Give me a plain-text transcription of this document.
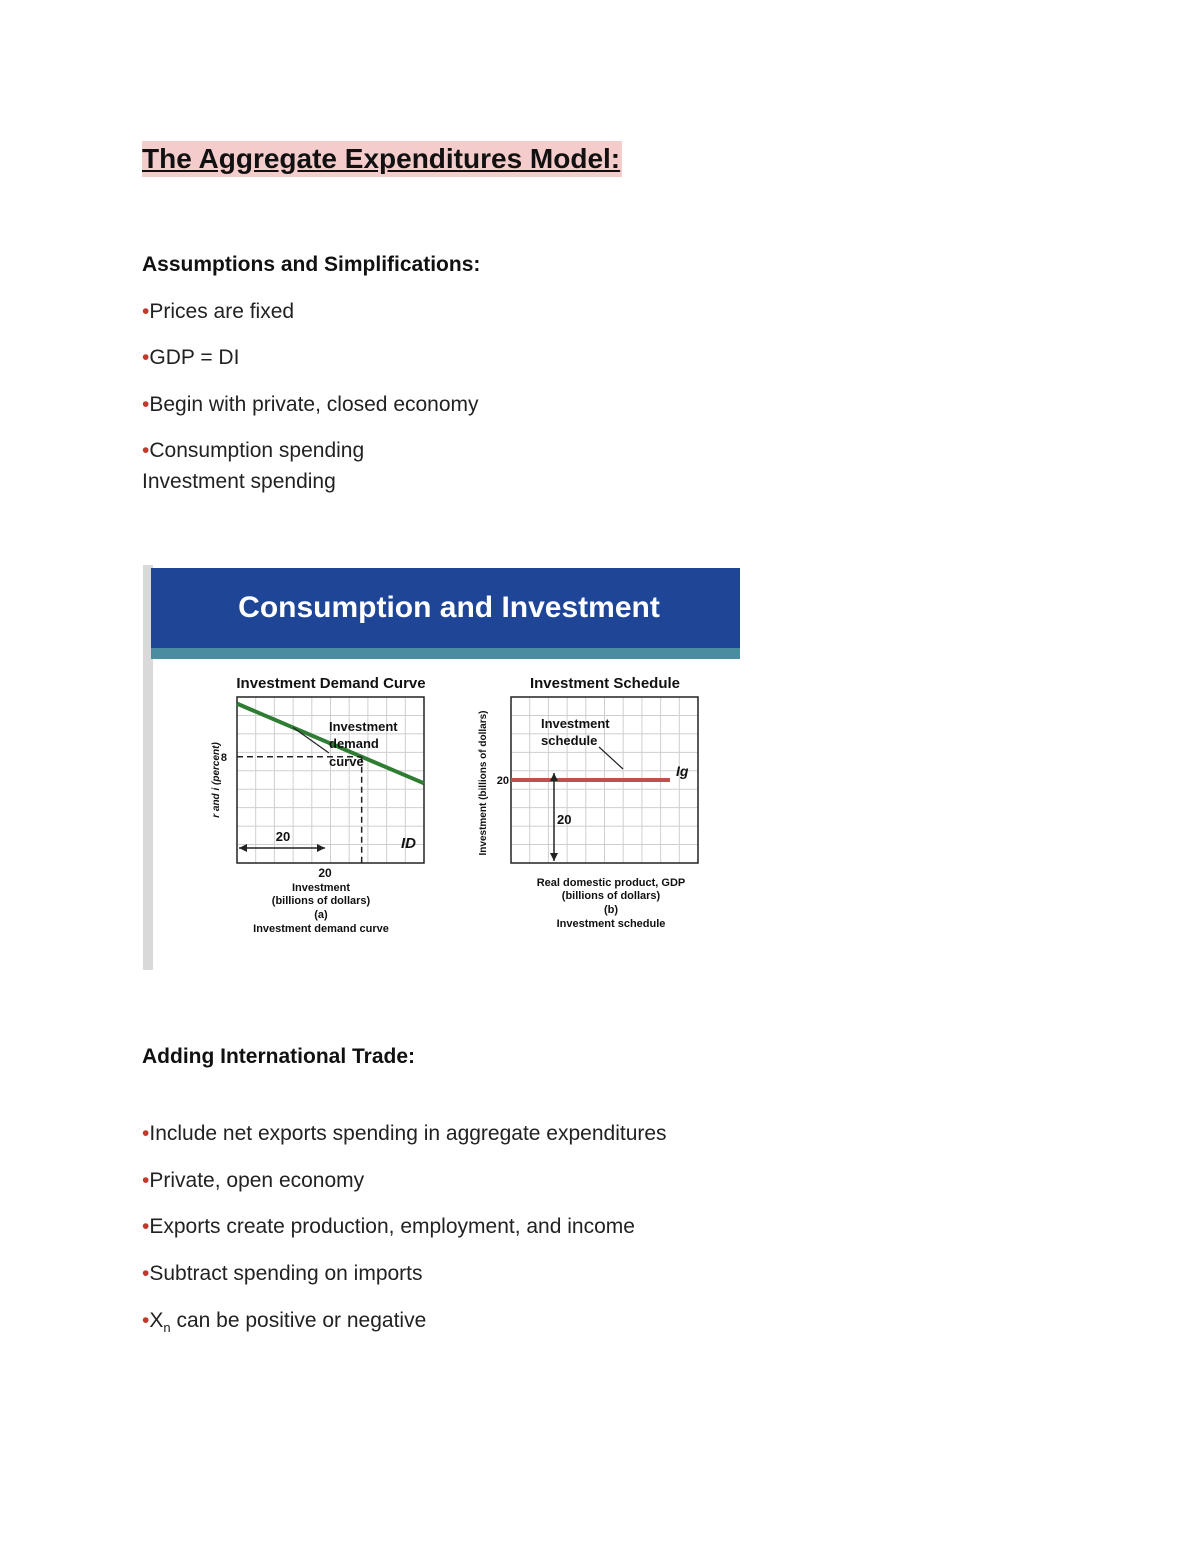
The Aggregate Expenditures Model:
Assumptions and Simplifications:
•Prices are fixed
•GDP = DI
•Begin with private, closed economy
•Consumption spending
Investment spending
Consumption and Investment
Investment Demand Curve
20
Investment
demand
curve
ID
8
20
r and i (percent)
Investment
(billions of dollars)
(a)
Investment demand curve
Investment Schedule
20
Investment
schedule
Ig
20
Investment (billions of dollars)
Real domestic product, GDP
(billions of dollars)
(b)
Investment schedule
Adding International Trade:
•Include net exports spending in aggregate expenditures
•Private, open economy
•Exports create production, employment, and income
•Subtract spending on imports
$•X_n$ can be positive or negative
